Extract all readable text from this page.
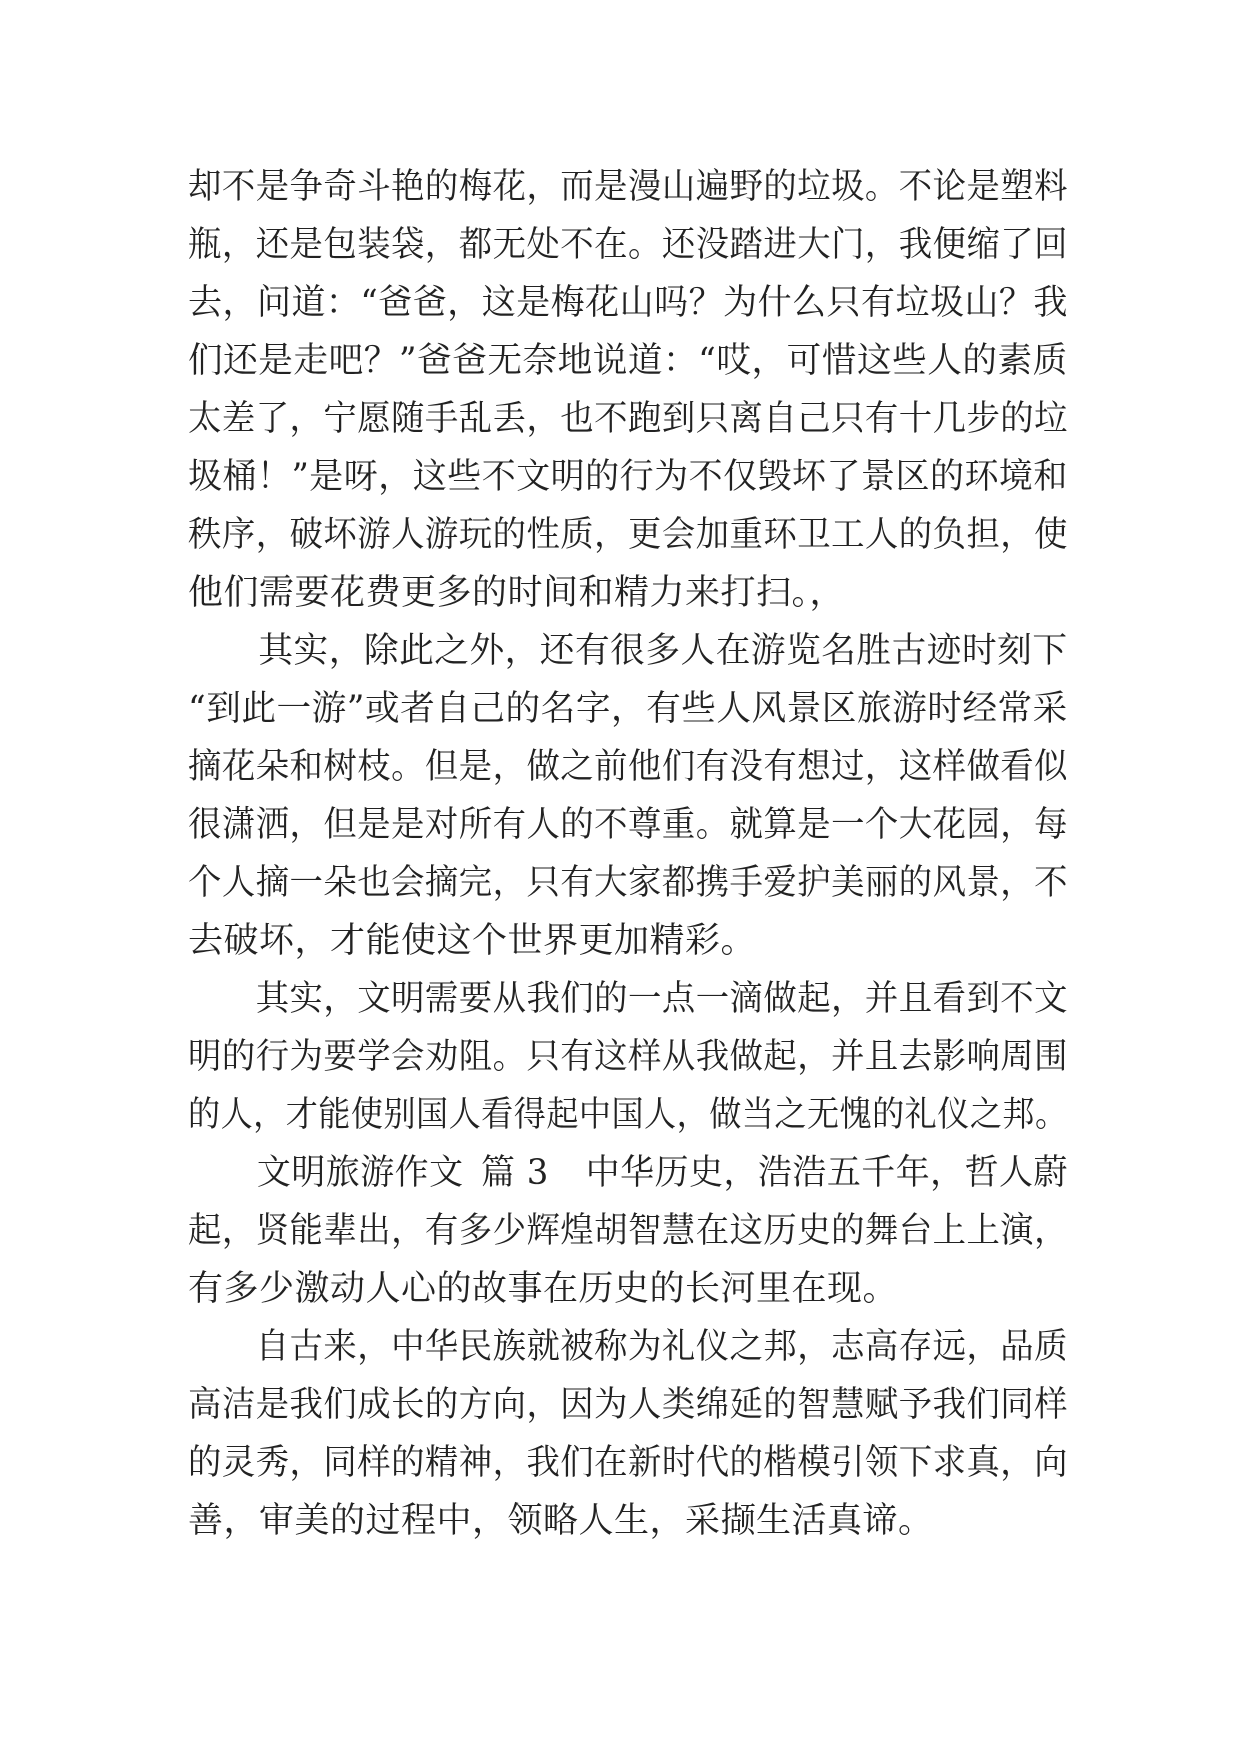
却不是争奇斗艳的梅花，而是漫山遍野的垃圾。不论是塑料
瓶，还是包装袋，都无处不在。还没踏进大门，我便缩了回
去，问道：“爸爸，这是梅花山吗？为什么只有垃圾山？我
们还是走吧？”爸爸无奈地说道：“哎，可惜这些人的素质
太差了，宁愿随手乱丢，也不跑到只离自己只有十几步的垃
圾桶！”是呀，这些不文明的行为不仅毁坏了景区的环境和
秩序，破坏游人游玩的性质，更会加重环卫工人的负担，使
他们需要花费更多的时间和精力来打扫。，
　　其实，除此之外，还有很多人在游览名胜古迹时刻下
“到此一游”或者自己的名字，有些人风景区旅游时经常采
摘花朵和树枝。但是，做之前他们有没有想过，这样做看似
很潇洒，但是是对所有人的不尊重。就算是一个大花园，每
个人摘一朵也会摘完，只有大家都携手爱护美丽的风景，不
去破坏，才能使这个世界更加精彩。
　　其实，文明需要从我们的一点一滴做起，并且看到不文
明的行为要学会劝阻。只有这样从我做起，并且去影响周围
的人，才能使别国人看得起中国人，做当之无愧的礼仪之邦。
　　文明旅游作文  篇 3 中华历史，浩浩五千年，哲人蔚
起，贤能辈出，有多少辉煌胡智慧在这历史的舞台上上演，
有多少激动人心的故事在历史的长河里在现。
　　自古来，中华民族就被称为礼仪之邦，志高存远，品质
高洁是我们成长的方向，因为人类绵延的智慧赋予我们同样
的灵秀，同样的精神，我们在新时代的楷模引领下求真，向
善，审美的过程中，领略人生，采撷生活真谛。
